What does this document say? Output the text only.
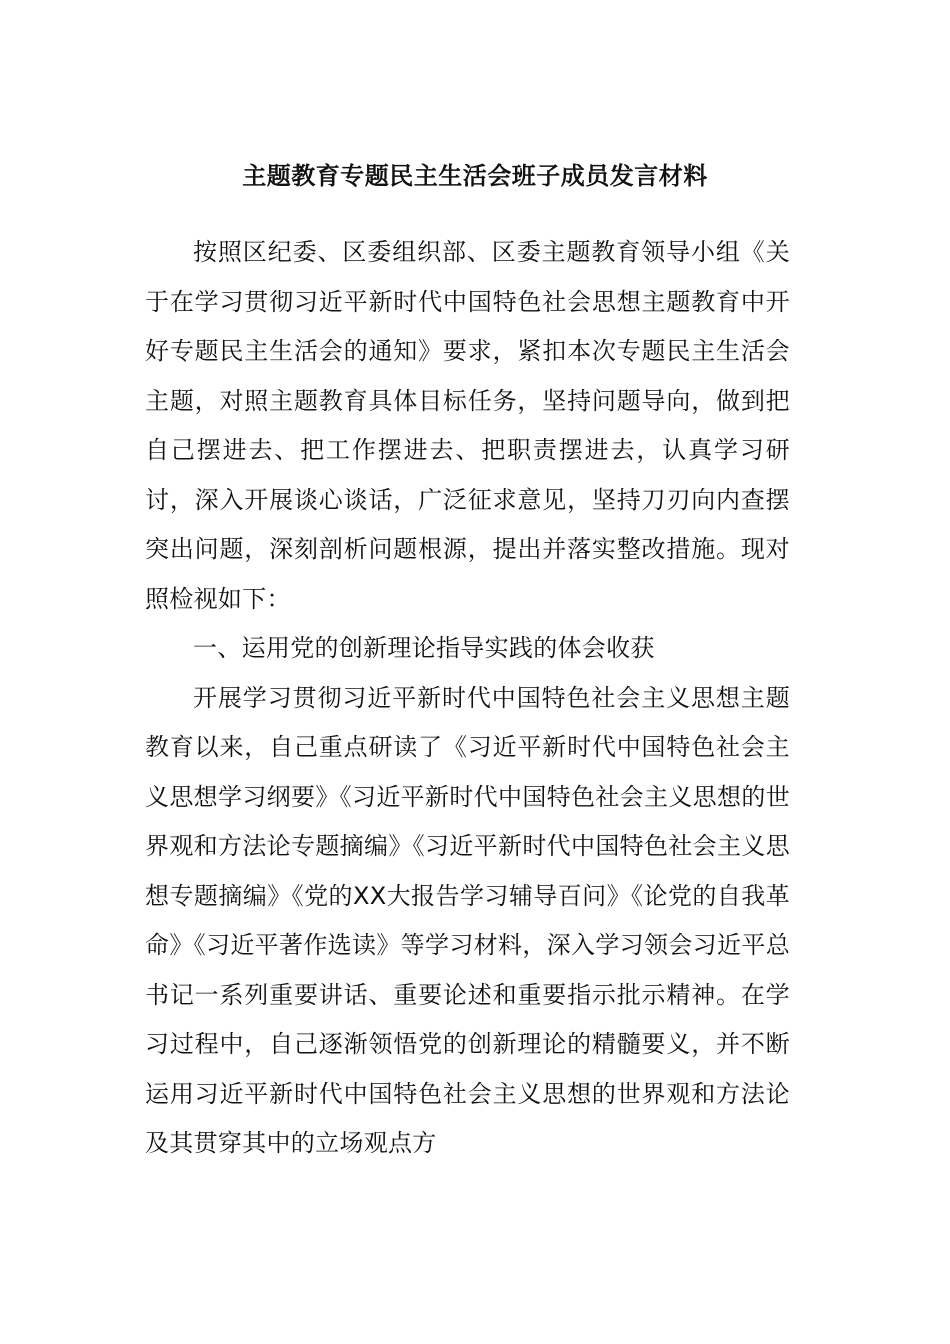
主题教育专题民主生活会班子成员发言材料

按照区纪委、区委组织部、区委主题教育领导小组《关于在学习贯彻习近平新时代中国特色社会思想主题教育中开好专题民主生活会的通知》要求，紧扣本次专题民主生活会主题，对照主题教育具体目标任务，坚持问题导向，做到把自己摆进去、把工作摆进去、把职责摆进去，认真学习研讨，深入开展谈心谈话，广泛征求意见，坚持刀刃向内查摆突出问题，深刻剖析问题根源，提出并落实整改措施。现对照检视如下：

一、运用党的创新理论指导实践的体会收获

开展学习贯彻习近平新时代中国特色社会主义思想主题教育以来，自己重点研读了《习近平新时代中国特色社会主义思想学习纲要》《习近平新时代中国特色社会主义思想的世界观和方法论专题摘编》《习近平新时代中国特色社会主义思想专题摘编》《党的XX大报告学习辅导百问》《论党的自我革命》《习近平著作选读》等学习材料，深入学习领会习近平总书记一系列重要讲话、重要论述和重要指示批示精神。在学习过程中，自己逐渐领悟党的创新理论的精髓要义，并不断运用习近平新时代中国特色社会主义思想的世界观和方法论及其贯穿其中的立场观点方
